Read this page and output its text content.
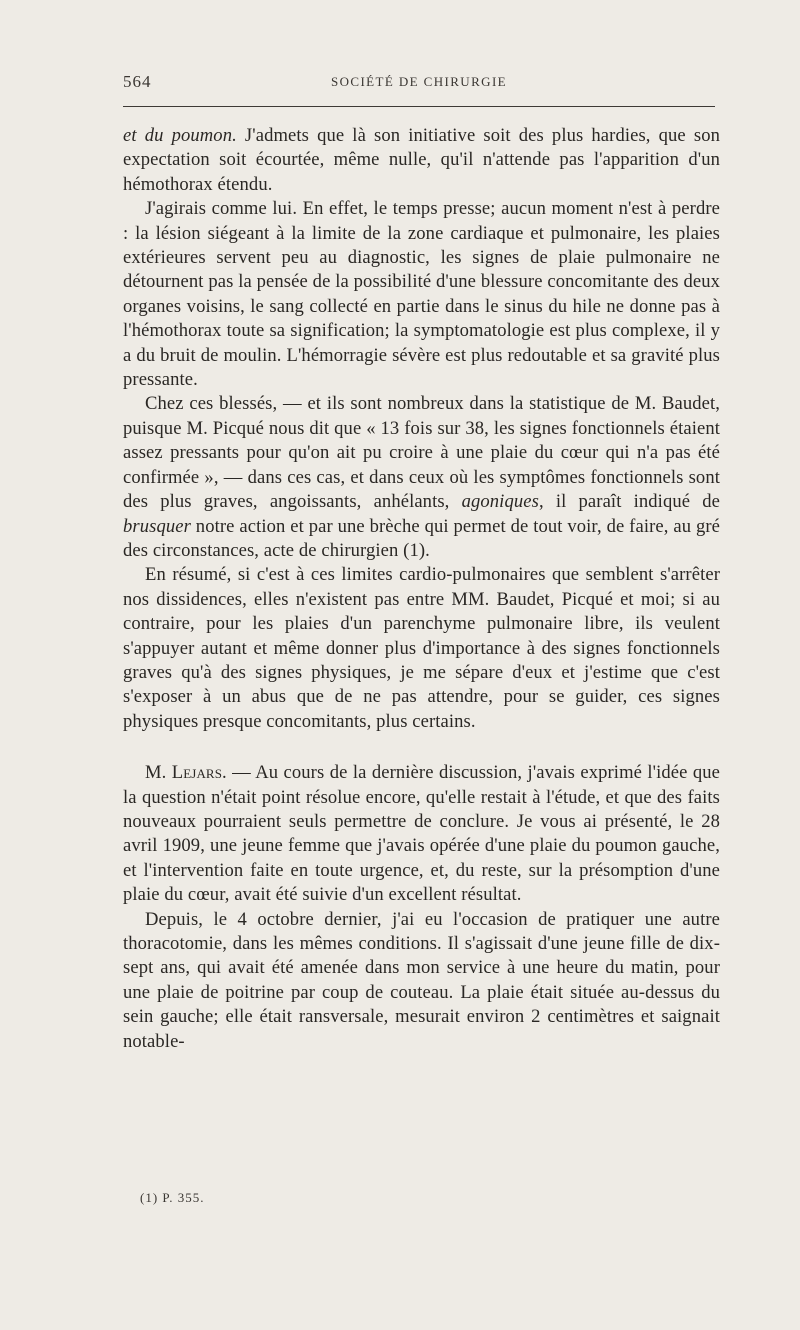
564	SOCIÉTÉ DE CHIRURGIE

et du poumon. J'admets que là son initiative soit des plus hardies, que son expectation soit écourtée, même nulle, qu'il n'attende pas l'apparition d'un hémothorax étendu.

J'agirais comme lui. En effet, le temps presse; aucun moment n'est à perdre : la lésion siégeant à la limite de la zone cardiaque et pulmonaire, les plaies extérieures servent peu au diagnostic, les signes de plaie pulmonaire ne détournent pas la pensée de la possibilité d'une blessure concomitante des deux organes voisins, le sang collecté en partie dans le sinus du hile ne donne pas à l'hémothorax toute sa signification; la symptomatologie est plus complexe, il y a du bruit de moulin. L'hémorragie sévère est plus redoutable et sa gravité plus pressante.

Chez ces blessés, — et ils sont nombreux dans la statistique de M. Baudet, puisque M. Picqué nous dit que « 13 fois sur 38, les signes fonctionnels étaient assez pressants pour qu'on ait pu croire à une plaie du cœur qui n'a pas été confirmée », — dans ces cas, et dans ceux où les symptômes fonctionnels sont des plus graves, angoissants, anhélants, agoniques, il paraît indiqué de brusquer notre action et par une brèche qui permet de tout voir, de faire, au gré des circonstances, acte de chirurgien (1).

En résumé, si c'est à ces limites cardio-pulmonaires que semblent s'arrêter nos dissidences, elles n'existent pas entre MM. Baudet, Picqué et moi; si au contraire, pour les plaies d'un parenchyme pulmonaire libre, ils veulent s'appuyer autant et même donner plus d'importance à des signes fonctionnels graves qu'à des signes physiques, je me sépare d'eux et j'estime que c'est s'exposer à un abus que de ne pas attendre, pour se guider, ces signes physiques presque concomitants, plus certains.

M. Lejars. — Au cours de la dernière discussion, j'avais exprimé l'idée que la question n'était point résolue encore, qu'elle restait à l'étude, et que des faits nouveaux pourraient seuls permettre de conclure. Je vous ai présenté, le 28 avril 1909, une jeune femme que j'avais opérée d'une plaie du poumon gauche, et l'intervention faite en toute urgence, et, du reste, sur la présomption d'une plaie du cœur, avait été suivie d'un excellent résultat.

Depuis, le 4 octobre dernier, j'ai eu l'occasion de pratiquer une autre thoracotomie, dans les mêmes conditions. Il s'agissait d'une jeune fille de dix-sept ans, qui avait été amenée dans mon service à une heure du matin, pour une plaie de poitrine par coup de couteau. La plaie était située au-dessus du sein gauche; elle était ransversale, mesurait environ 2 centimètres et saignait notable-

(1) P. 355.
